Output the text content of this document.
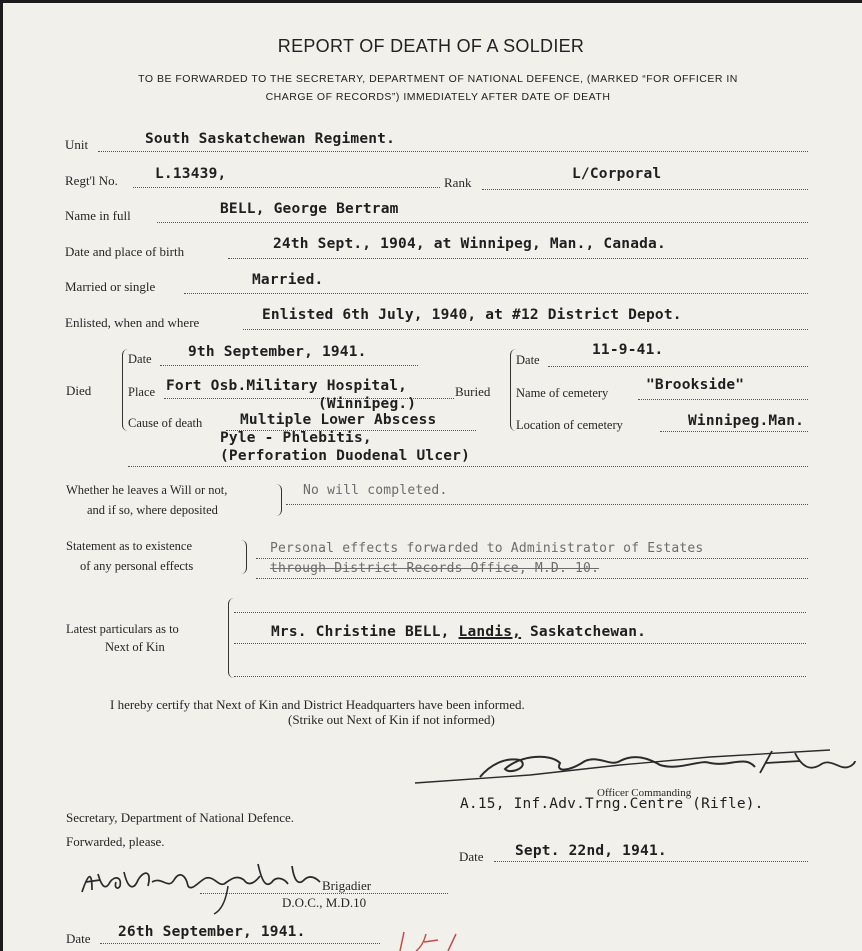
REPORT OF DEATH OF A SOLDIER
TO BE FORWARDED TO THE SECRETARY, DEPARTMENT OF NATIONAL DEFENCE, (MARKED “FOR OFFICER IN
CHARGE OF RECORDS”) IMMEDIATELY AFTER DATE OF DEATH
Unit	South Saskatchewan Regiment.
Regt'l No.	L.13439,
Rank
L/Corporal
Name in full	BELL, George Bertram
Date and place of birth	24th Sept., 1904, at Winnipeg, Man., Canada.
Married or single	Married.
Enlisted, when and where	Enlisted 6th July, 1940, at #12 District Depot.
Died
Date	9th September, 1941.
Place Fort Osb.Military Hospital,
(Winnipeg.)
Cause of death	Multiple Lower Abscess
Pyle - Phlebitis,
(Perforation Duodenal Ulcer)
Buried
Date
11-9-41.
Name of cemetery	"Brookside"
Location of cemetery	Winnipeg.Man.
Whether he leaves a Will or not,
and if so, where deposited
No will completed.
Statement as to existence
of any personal effects
Personal effects forwarded to Administrator of Estates
through District Records Office, M.D. 10.
Latest particulars as to
Next of Kin
Mrs. Christine BELL, Landis, Saskatchewan.
I hereby certify that Next of Kin and District Headquarters have been informed.
(Strike out Next of Kin if not informed)
Officer Commanding
A.15, Inf.Adv.Trng.Centre (Rifle).
Secretary, Department of National Defence.
Forwarded, please.
Date Sept. 22nd, 1941.
Brigadier
D.O.C., M.D.10
Date 26th September, 1941.
